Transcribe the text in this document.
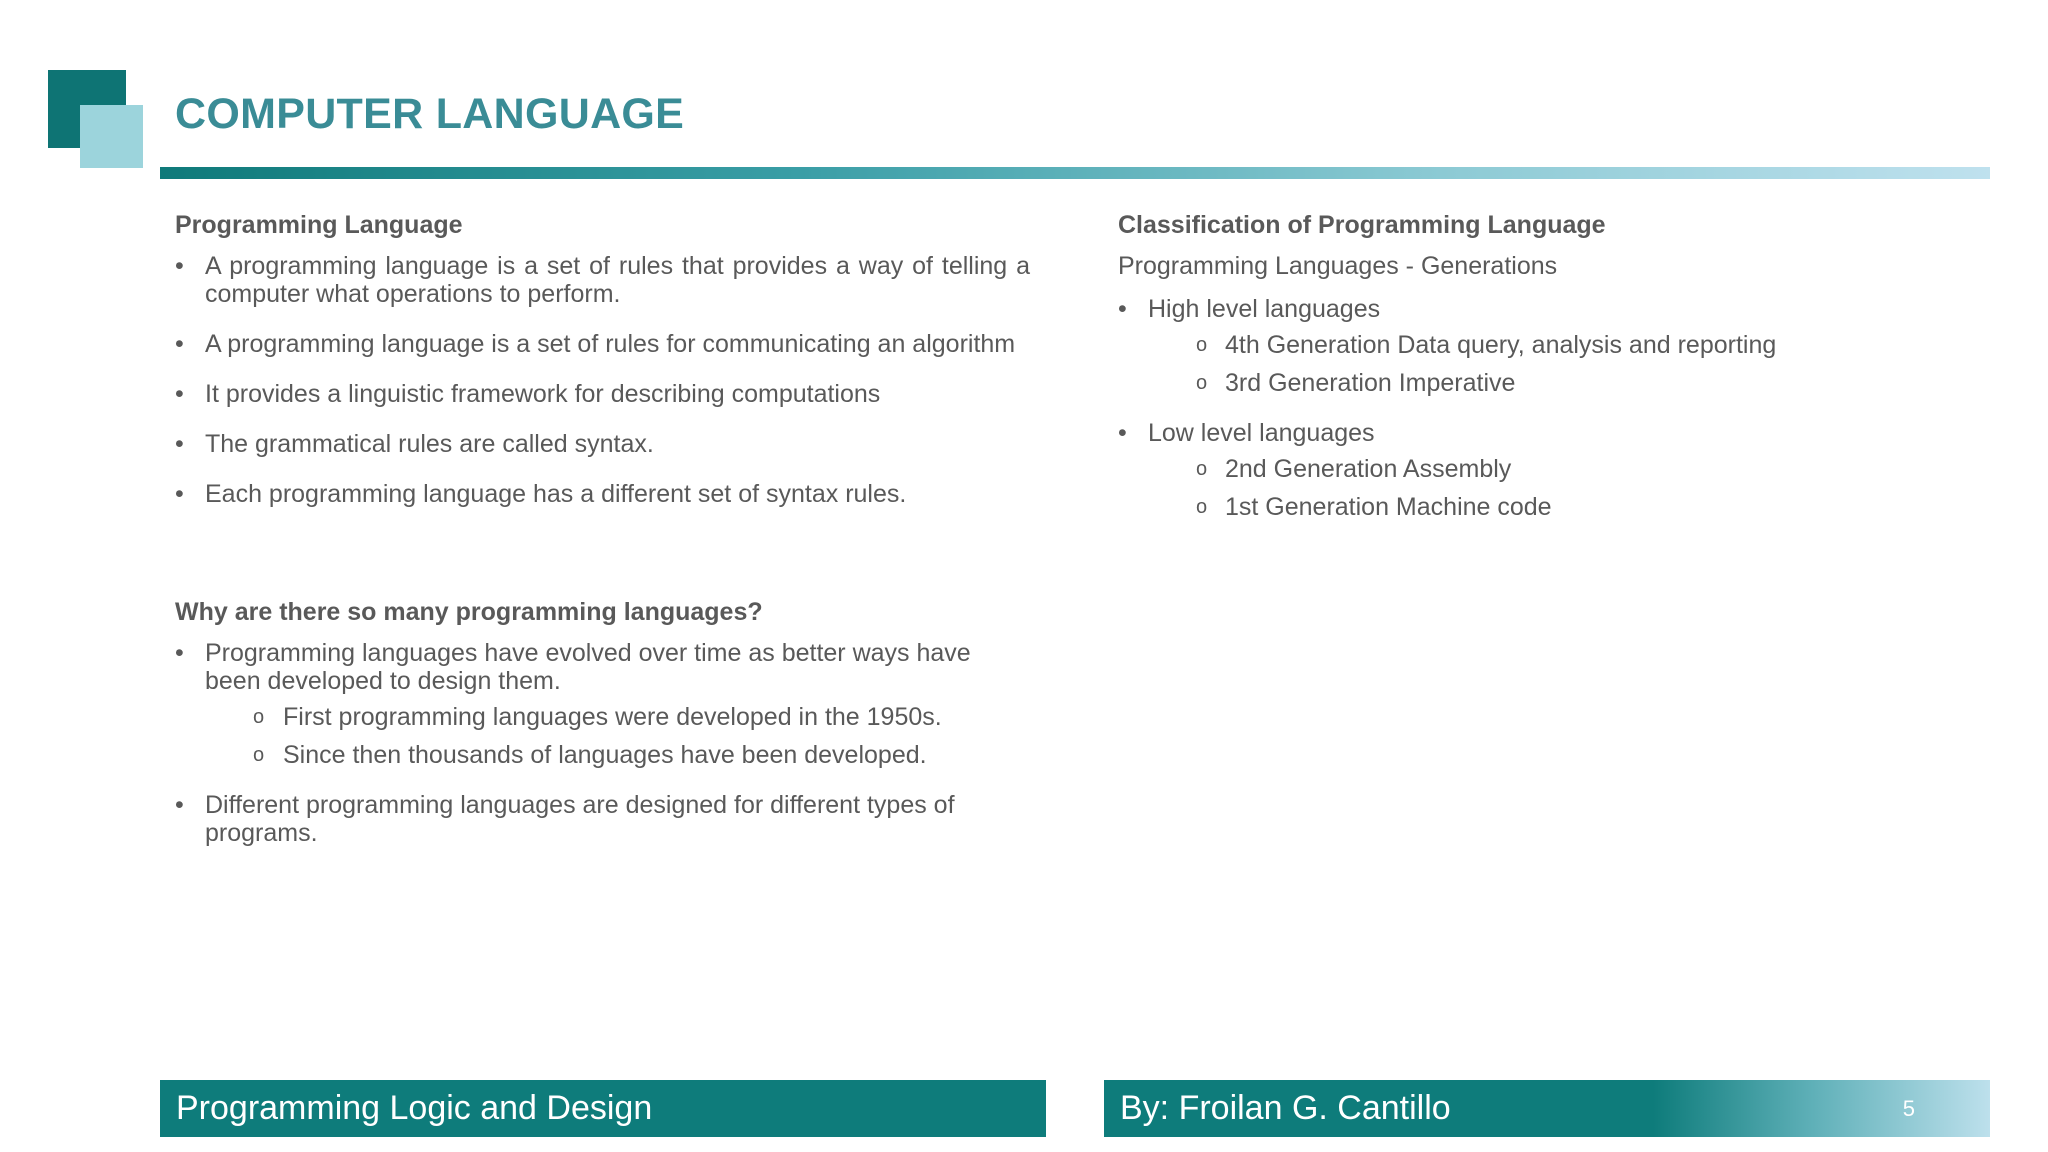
COMPUTER LANGUAGE
Programming Language
• A programming language is a set of rules that provides a way of telling a computer what operations to perform.
• A programming language is a set of rules for communicating an algorithm
• It provides a linguistic framework for describing computations
• The grammatical rules are called syntax.
• Each programming language has a different set of syntax rules.
Why are there so many programming languages?
• Programming languages have evolved over time as better ways have been developed to design them.
o First programming languages were developed in the 1950s.
o Since then thousands of languages have been developed.
• Different programming languages are designed for different types of programs.
Classification of Programming Language
Programming Languages - Generations
• High level languages
o 4th Generation Data query, analysis and reporting
o 3rd Generation Imperative
• Low level languages
o 2nd Generation Assembly
o 1st Generation Machine code
Programming Logic and Design	By: Froilan G. Cantillo	5
